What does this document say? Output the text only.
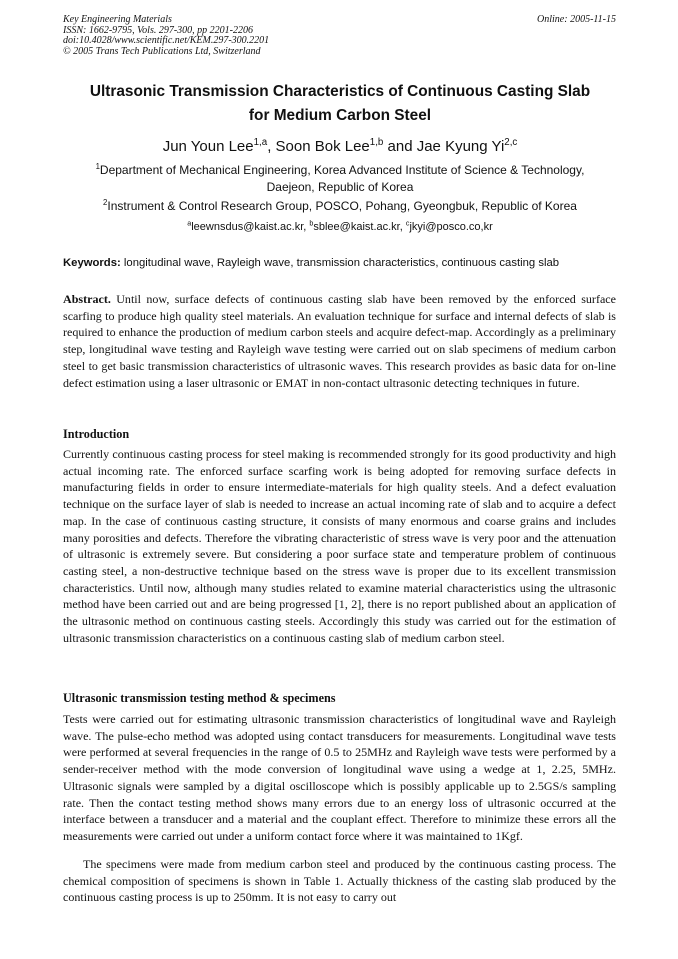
Key Engineering Materials
ISSN: 1662-9795, Vols. 297-300, pp 2201-2206
doi:10.4028/www.scientific.net/KEM.297-300.2201
© 2005 Trans Tech Publications Ltd, Switzerland
Online: 2005-11-15
Ultrasonic Transmission Characteristics of Continuous Casting Slab
for Medium Carbon Steel
Jun Youn Lee$^{1,a}$, Soon Bok Lee$^{1,b}$ and Jae Kyung Yi$^{2,c}$
$^1$Department of Mechanical Engineering, Korea Advanced Institute of Science & Technology,
Daejeon, Republic of Korea
$^2$Instrument & Control Research Group, POSCO, Pohang, Gyeongbuk, Republic of Korea
$^a$leewnsdus@kaist.ac.kr, $^b$sblee@kaist.ac.kr, $^c$jkyi@posco.co,kr
Keywords: longitudinal wave, Rayleigh wave, transmission characteristics, continuous casting slab
Abstract. Until now, surface defects of continuous casting slab have been removed by the enforced surface scarfing to produce high quality steel materials. An evaluation technique for surface and internal defects of slab is required to enhance the production of medium carbon steels and acquire defect-map. Accordingly as a preliminary step, longitudinal wave testing and Rayleigh wave testing were carried out on slab specimens of medium carbon steel to get basic transmission characteristics of ultrasonic waves. This research provides as basic data for on-line defect estimation using a laser ultrasonic or EMAT in non-contact ultrasonic detecting techniques in future.
Introduction
Currently continuous casting process for steel making is recommended strongly for its good productivity and high actual incoming rate. The enforced surface scarfing work is being adopted for removing surface defects in manufacturing fields in order to ensure intermediate-materials for high quality steels. And a defect evaluation technique on the surface layer of slab is needed to increase an actual incoming rate of slab and to acquire a defect map. In the case of continuous casting structure, it consists of many enormous and coarse grains and includes many porosities and defects. Therefore the vibrating characteristic of stress wave is very poor and the attenuation of ultrasonic is extremely severe. But considering a poor surface state and temperature problem of continuous casting steel, a non-destructive technique based on the stress wave is proper due to its excellent transmission characteristics. Until now, although many studies related to examine material characteristics using the ultrasonic method have been carried out and are being progressed [1, 2], there is no report published about an application of the ultrasonic method on continuous casting steels. Accordingly this study was carried out for the estimation of ultrasonic transmission characteristics on a continuous casting slab of medium carbon steel.
Ultrasonic transmission testing method & specimens
Tests were carried out for estimating ultrasonic transmission characteristics of longitudinal wave and Rayleigh wave. The pulse-echo method was adopted using contact transducers for measurements. Longitudinal wave tests were performed at several frequencies in the range of 0.5 to 25MHz and Rayleigh wave tests were performed by a sender-receiver method with the mode conversion of longitudinal wave using a wedge at 1, 2.25, 5MHz. Ultrasonic signals were sampled by a digital oscilloscope which is possibly applicable up to 2.5GS/s sampling rate. Then the contact testing method shows many errors due to an energy loss of ultrasonic occurred at the interface between a transducer and a material and the couplant effect. Therefore to minimize these errors all the measurements were carried out under a uniform contact force where it was maintained to 1Kgf.
The specimens were made from medium carbon steel and produced by the continuous casting process. The chemical composition of specimens is shown in Table 1. Actually thickness of the casting slab produced by the continuous casting process is up to 250mm. It is not easy to carry out
